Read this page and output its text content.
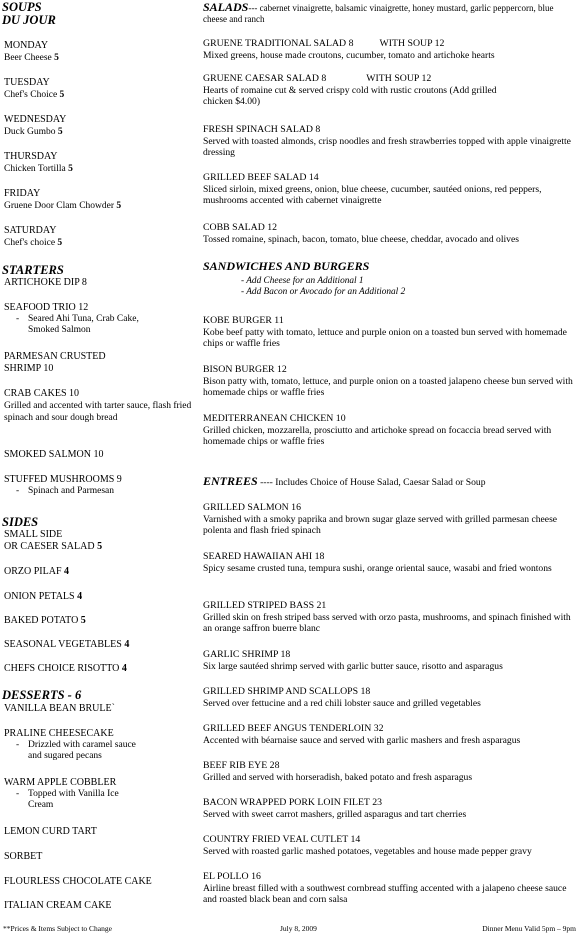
SOUPS
DU JOUR
MONDAY
Beer Cheese 5
TUESDAY
Chef's Choice 5
WEDNESDAY
Duck Gumbo 5
THURSDAY
Chicken Tortilla 5
FRIDAY
Gruene Door Clam Chowder 5
SATURDAY
Chef's choice 5
STARTERS
ARTICHOKE DIP 8
SEAFOOD TRIO 12
- Seared Ahi Tuna, Crab Cake,
Smoked Salmon
PARMESAN CRUSTED
SHRIMP 10
CRAB CAKES 10
Grilled and accented with tarter sauce, flash fried spinach and sour dough bread
SMOKED SALMON 10
STUFFED MUSHROOMS 9
- Spinach and Parmesan
SIDES
SMALL SIDE
OR CAESER SALAD 5
ORZO PILAF 4
ONION PETALS 4
BAKED POTATO 5
SEASONAL VEGETABLES 4
CHEFS CHOICE RISOTTO 4
DESSERTS - 6
VANILLA BEAN BRULE`
PRALINE CHEESECAKE
- Drizzled with caramel sauce
and sugared pecans
WARM APPLE COBBLER
- Topped with Vanilla Ice
Cream
LEMON CURD TART
SORBET
FLOURLESS CHOCOLATE CAKE
ITALIAN CREAM CAKE
SALADS--- cabernet vinaigrette, balsamic vinaigrette, honey mustard, garlic peppercorn, blue cheese and ranch
GRUENE TRADITIONAL SALAD 8	WITH SOUP 12
Mixed greens, house made croutons, cucumber, tomato and artichoke hearts
GRUENE CAESAR SALAD 8	WITH SOUP 12
Hearts of romaine cut & served crispy cold with rustic croutons (Add grilled chicken $4.00)
FRESH SPINACH SALAD 8
Served with toasted almonds, crisp noodles and fresh strawberries topped with apple vinaigrette dressing
GRILLED BEEF SALAD 14
Sliced sirloin, mixed greens, onion, blue cheese, cucumber, sautéed onions, red peppers, mushrooms accented with cabernet vinaigrette
COBB SALAD 12
Tossed romaine, spinach, bacon, tomato, blue cheese, cheddar, avocado and olives
SANDWICHES AND BURGERS
- Add Cheese for an Additional 1
- Add Bacon or Avocado for an Additional 2
KOBE BURGER 11
Kobe beef patty with tomato, lettuce and purple onion on a toasted bun served with homemade chips or waffle fries
BISON BURGER 12
Bison patty with, tomato, lettuce, and purple onion on a toasted jalapeno cheese bun served with homemade chips or waffle fries
MEDITERRANEAN CHICKEN 10
Grilled chicken, mozzarella, prosciutto and artichoke spread on focaccia bread served with homemade chips or waffle fries
ENTREES ---- Includes Choice of House Salad, Caesar Salad or Soup
GRILLED SALMON 16
Varnished with a smoky paprika and brown sugar glaze served with grilled parmesan cheese polenta and flash fried spinach
SEARED HAWAIIAN AHI 18
Spicy sesame crusted tuna, tempura sushi, orange oriental sauce, wasabi and fried wontons
GRILLED STRIPED BASS 21
Grilled skin on fresh striped bass served with orzo pasta, mushrooms, and spinach finished with an orange saffron buerre blanc
GARLIC SHRIMP 18
Six large sautéed shrimp served with garlic butter sauce, risotto and asparagus
GRILLED SHRIMP AND SCALLOPS 18
Served over fettucine and a red chili lobster sauce and grilled vegetables
GRILLED BEEF ANGUS TENDERLOIN 32
Accented with béarnaise sauce and served with garlic mashers and fresh asparagus
BEEF RIB EYE 28
Grilled and served with horseradish, baked potato and fresh asparagus
BACON WRAPPED PORK LOIN FILET 23
Served with sweet carrot mashers, grilled asparagus and tart cherries
COUNTRY FRIED VEAL CUTLET 14
Served with roasted garlic mashed potatoes, vegetables and house made pepper gravy
EL POLLO 16
Airline breast filled with a southwest cornbread stuffing accented with a jalapeno cheese sauce and roasted black bean and corn salsa
**Prices & Items Subject to Change	July 8, 2009	Dinner Menu Valid 5pm – 9pm
